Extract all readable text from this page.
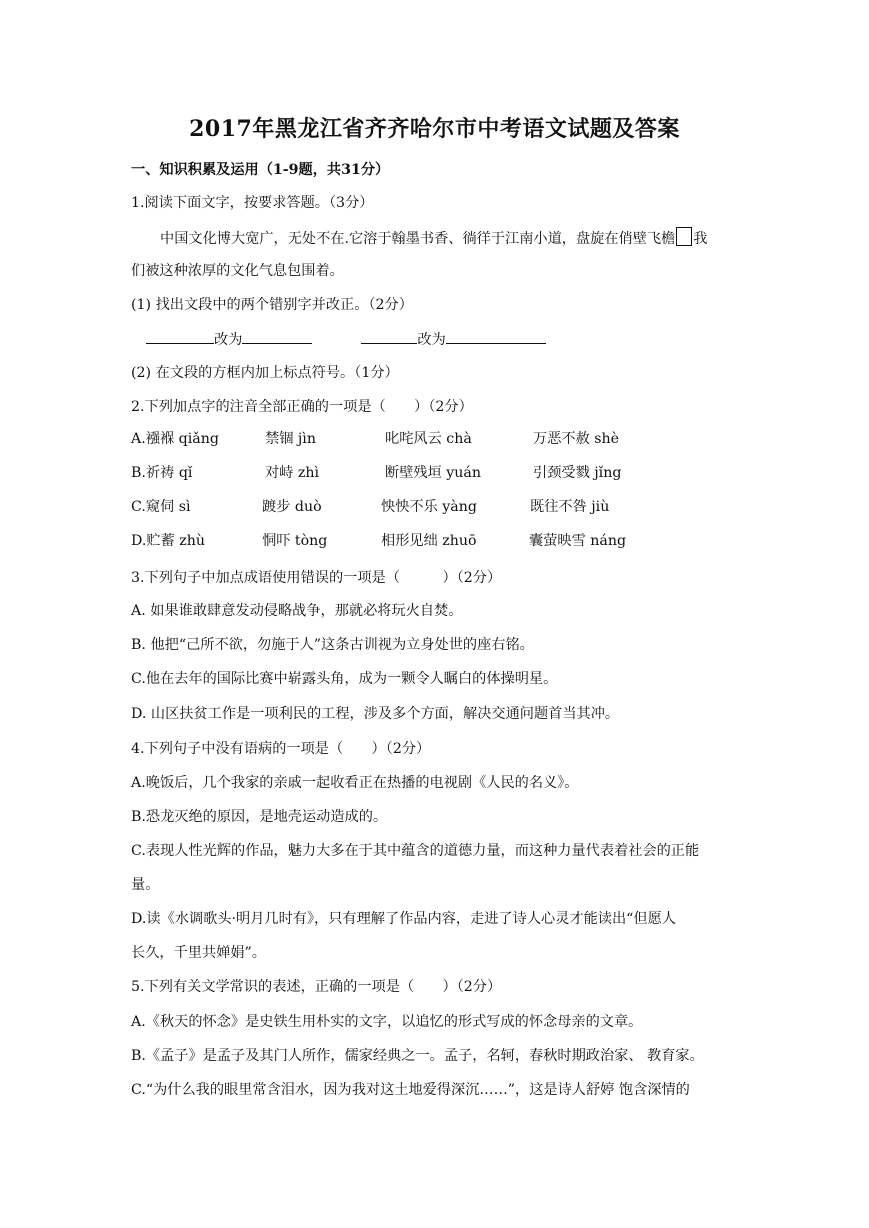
2017年黑龙江省齐齐哈尔市中考语文试题及答案
一、知识积累及运用（1-9题，共31分）
1.阅读下面文字，按要求答题。（3分）
中国文化博大宽广，无处不在.它溶于翰墨书香、徜徉于江南小道，盘旋在俏壁飞檐 我
们被这种浓厚的文化气息包围着。
(1) 找出文段中的两个错别字并改正。（2分）
改为	改为
(2) 在文段的方框内加上标点符号。（1分）
2.下列加点字的注音全部正确的一项是（　　）（2分）
A.襁褓 qiǎng	禁锢 jìn	叱咤风云 chà	万恶不赦 shè
B.祈祷 qǐ	对峙 zhì	断壁残垣 yuán	引颈受戮 jǐng
C.窥伺 sì	踱步 duò	怏怏不乐 yàng	既往不咎 jiù
D.贮蓄 zhù	恫吓 tòng	相形见绌 zhuō	囊萤映雪 náng
3.下列句子中加点成语使用错误的一项是（　　　）（2分）
A. 如果谁敢肆意发动侵略战争，那就必将玩火自焚。
B. 他把“己所不欲，勿施于人”这条古训视为立身处世的座右铭。
C.他在去年的国际比赛中崭露头角，成为一颗令人瞩白的体操明星。
D. 山区扶贫工作是一项利民的工程，涉及多个方面，解决交通问题首当其冲。
4.下列句子中没有语病的一项是（　　）（2分）
A.晚饭后，几个我家的亲戚一起收看正在热播的电视剧《人民的名义》。
B.恐龙灭绝的原因，是地壳运动造成的。
C.表现人性光辉的作品，魅力大多在于其中蕴含的道德力量，而这种力量代表着社会的正能
量。
D.读《水调歌头·明月几时有》，只有理解了作品内容，走进了诗人心灵才能读出“但愿人
长久，千里共婵娟”。
5.下列有关文学常识的表述，正确的一项是（　　）（2分）
A.《秋天的怀念》是史铁生用朴实的文字，以追忆的形式写成的怀念母亲的文章。
B.《孟子》是孟子及其门人所作，儒家经典之一。孟子，名轲，春秋时期政治家、 教育家。
C.“为什么我的眼里常含泪水，因为我对这土地爱得深沉……”，这是诗人舒婷 饱含深情的
